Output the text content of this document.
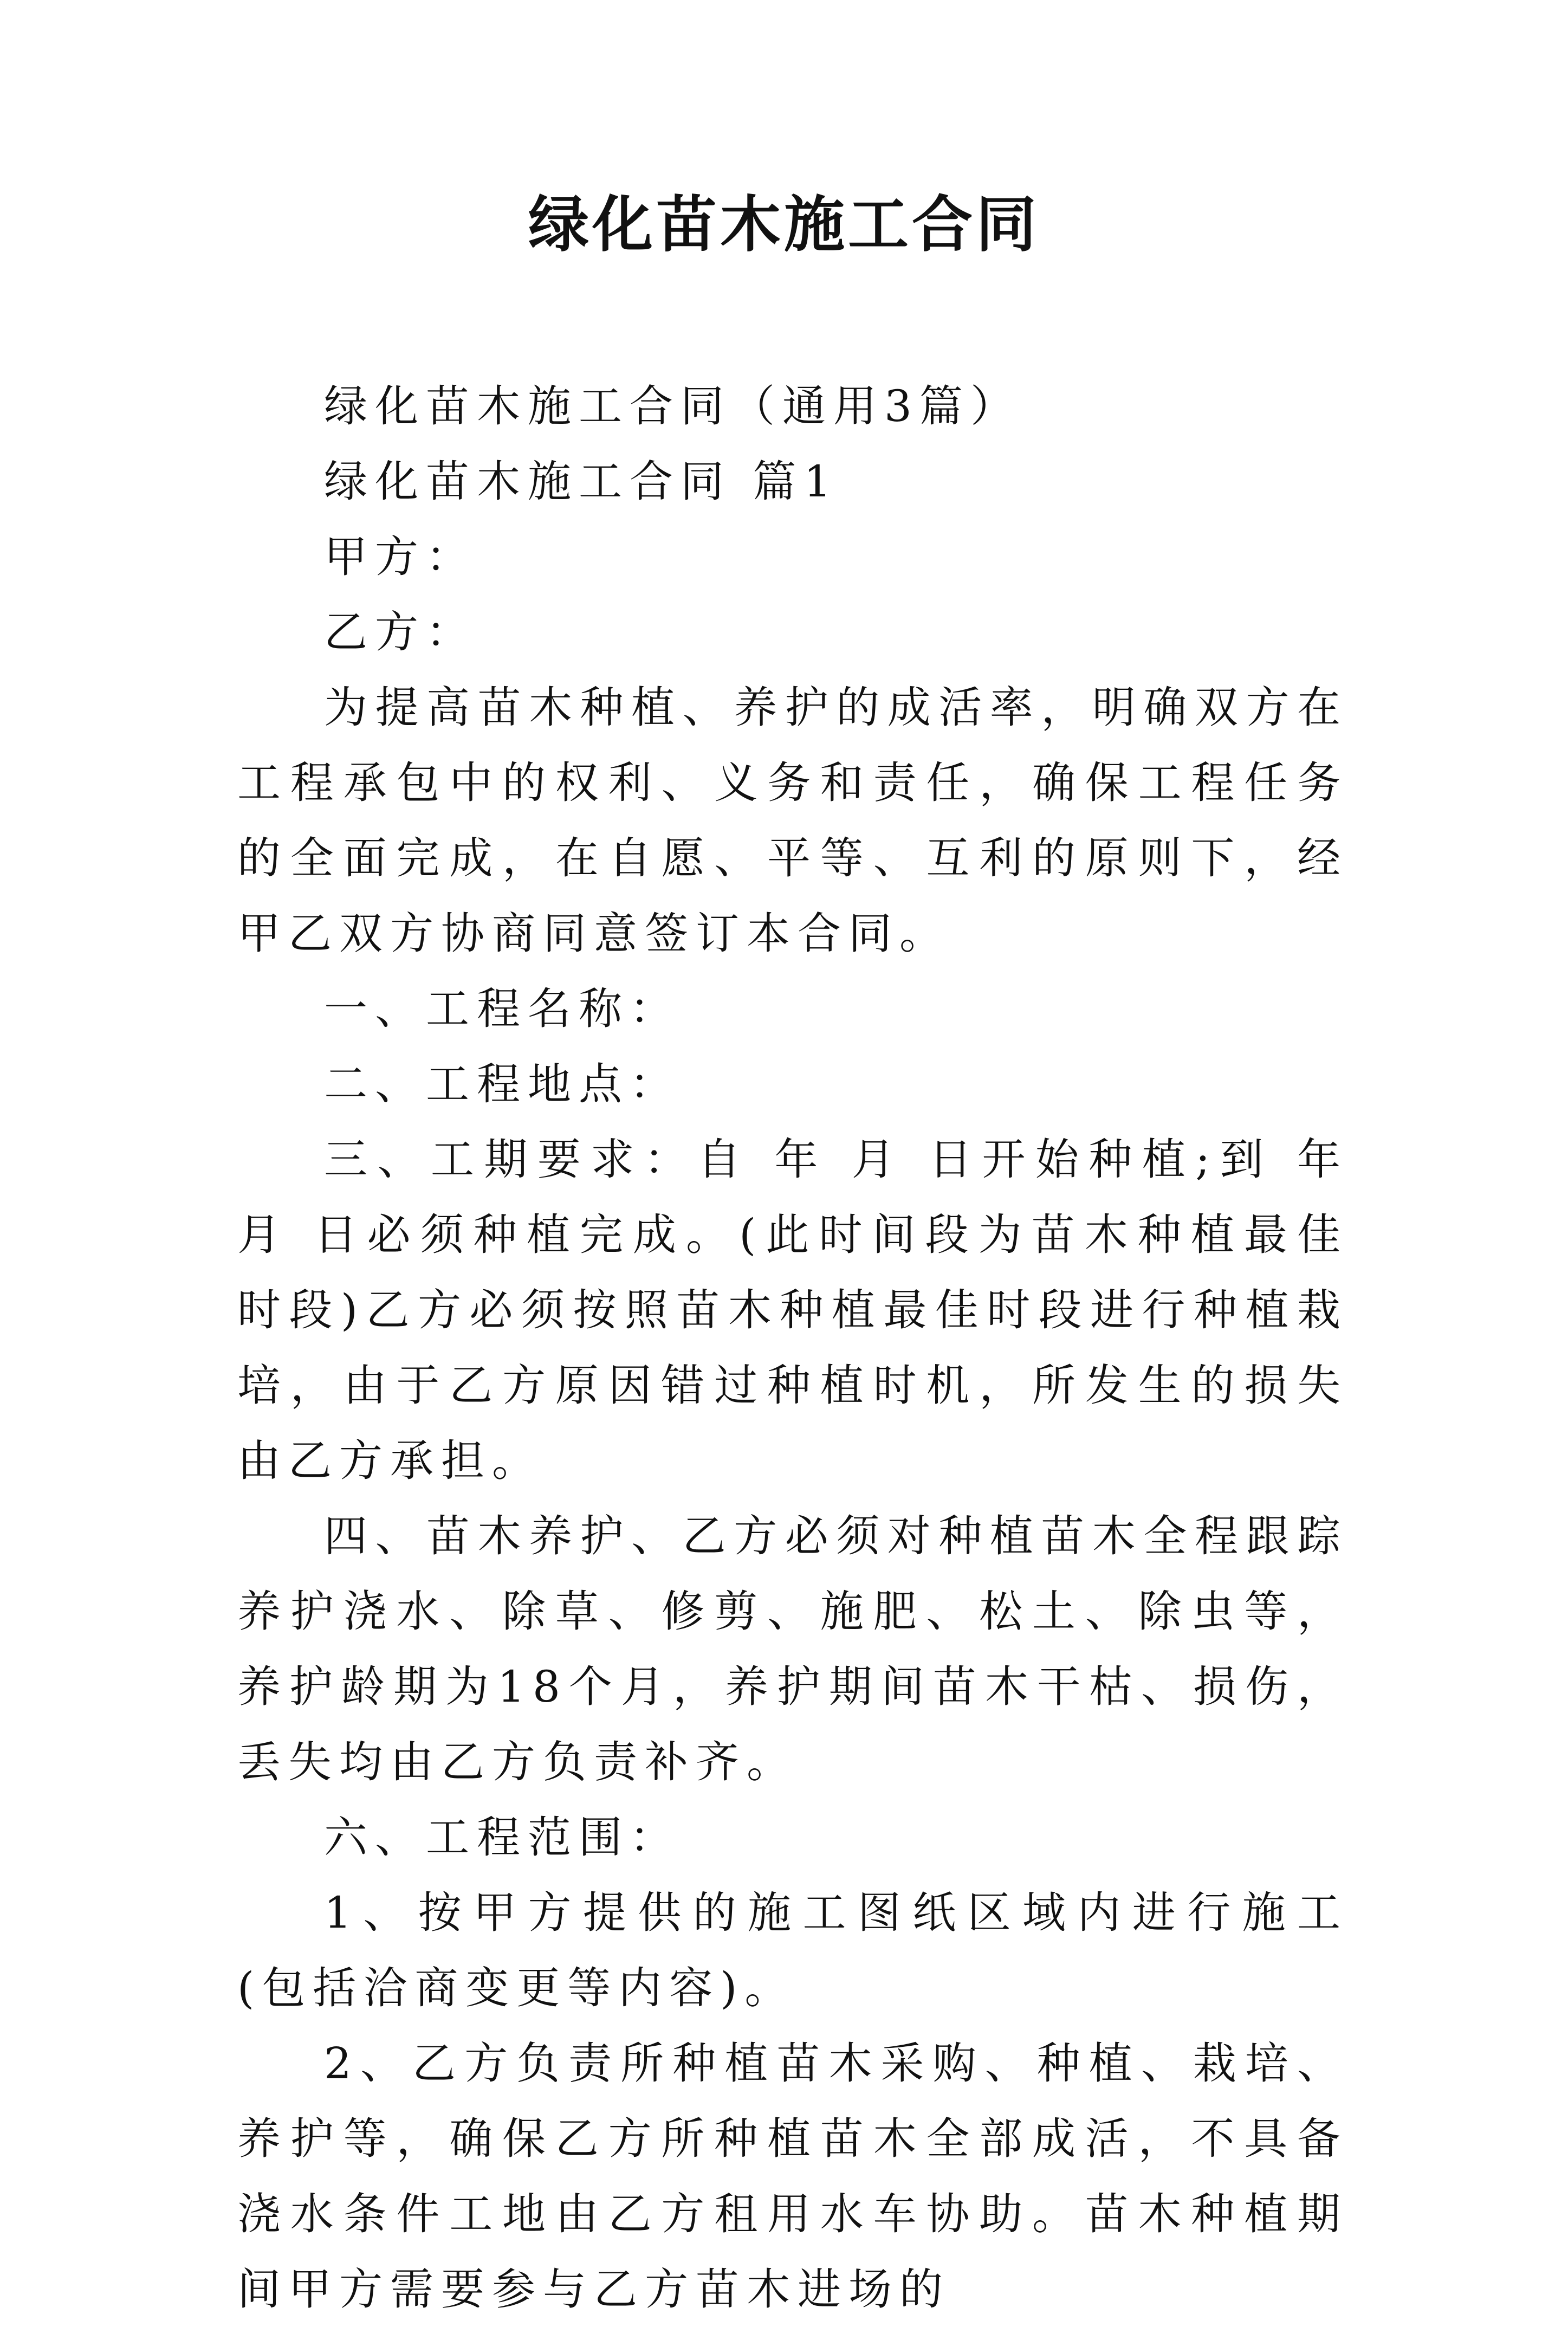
绿化苗木施工合同

绿化苗木施工合同（通用3篇）

绿化苗木施工合同 篇1

甲方：

乙方：

为提高苗木种植、养护的成活率，明确双方在工程承包中的权利、义务和责任，确保工程任务的全面完成，在自愿、平等、互利的原则下，经甲乙双方协商同意签订本合同。

一、工程名称：

二、工程地点：

三、工期要求：自 年 月 日开始种植;到 年 月 日必须种植完成。(此时间段为苗木种植最佳时段)乙方必须按照苗木种植最佳时段进行种植栽培，由于乙方原因错过种植时机，所发生的损失由乙方承担。

四、苗木养护、乙方必须对种植苗木全程跟踪养护浇水、除草、修剪、施肥、松土、除虫等，养护龄期为18个月，养护期间苗木干枯、损伤，丢失均由乙方负责补齐。

六、工程范围：

1、按甲方提供的施工图纸区域内进行施工(包括洽商变更等内容)。

2、乙方负责所种植苗木采购、种植、栽培、养护等，确保乙方所种植苗木全部成活，不具备浇水条件工地由乙方租用水车协助。苗木种植期间甲方需要参与乙方苗木进场的
